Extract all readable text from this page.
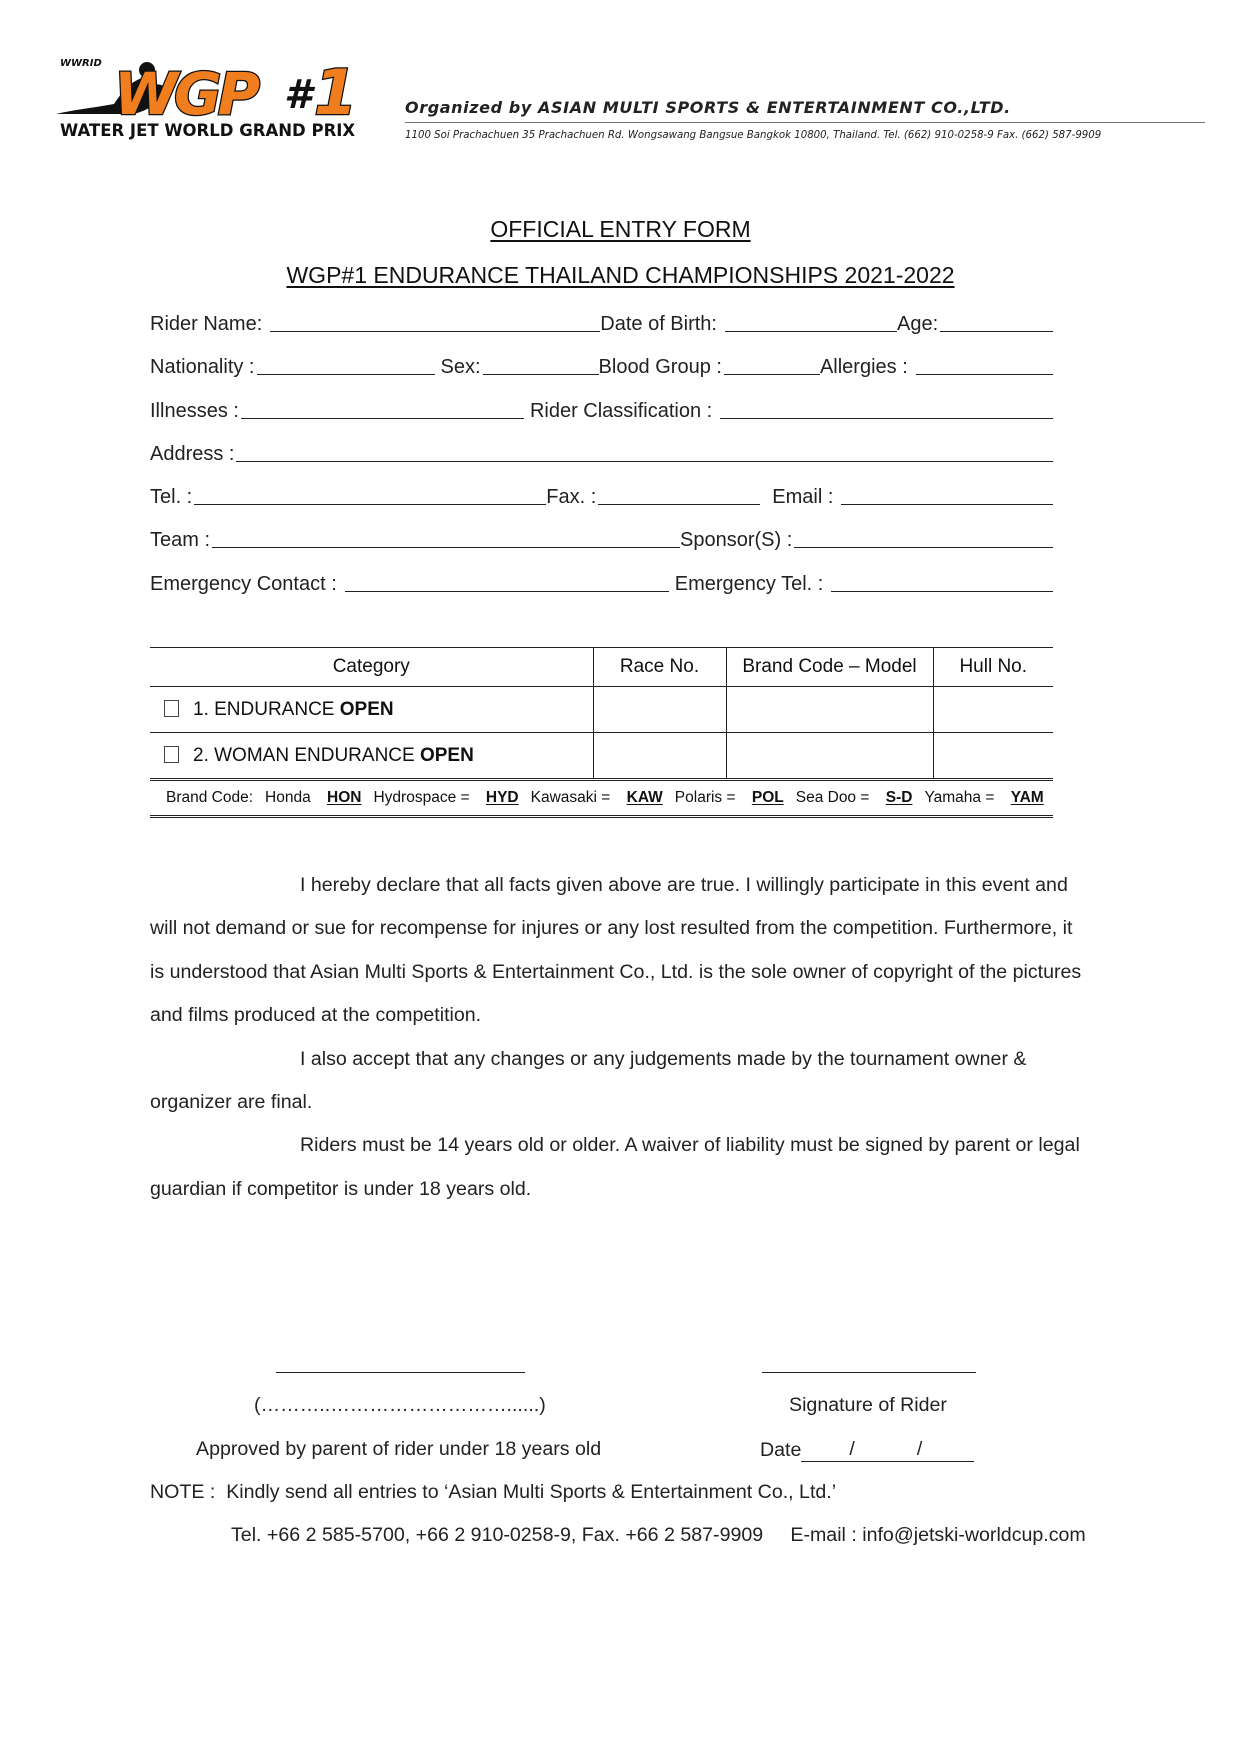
WWRID WGP # 1
WATER JET WORLD GRAND PRIX
Organized by ASIAN MULTI SPORTS & ENTERTAINMENT CO.,LTD.
1100 Soi Prachachuen 35 Prachachuen Rd. Wongsawang Bangsue Bangkok 10800, Thailand. Tel. (662) 910-0258-9 Fax. (662) 587-9909
OFFICIAL ENTRY FORM
WGP#1 ENDURANCE THAILAND CHAMPIONSHIPS 2021-2022
Rider Name:	Date of Birth:	Age:
Nationality :	Sex:	Blood Group :	Allergies :
Illnesses :	Rider Classification :
Address :
Tel. :	Fax. :	Email :
Team :	Sponsor(S) :
Emergency Contact :	Emergency Tel. :
Category	Race No.	Brand Code – Model	Hull No.
1. ENDURANCE OPEN			
2. WOMAN ENDURANCE OPEN			
Brand Code: Honda HON Hydrospace = HYD Kawasaki = KAW Polaris = POL Sea Doo = S-D Yamaha = YAM

I hereby declare that all facts given above are true. I willingly participate in this event and will not demand or sue for recompense for injures or any lost resulted from the competition. Furthermore, it is understood that Asian Multi Sports & Entertainment Co., Ltd. is the sole owner of copyright of the pictures and films produced at the competition.

I also accept that any changes or any judgements made by the tournament owner & organizer are final.

Riders must be 14 years old or older. A waiver of liability must be signed by parent or legal guardian if competitor is under 18 years old.

(………..………………………......)	Signature of Rider
Approved by parent of rider under 18 years old	Date /	/
NOTE :  Kindly send all entries to ‘Asian Multi Sports & Entertainment Co., Ltd.’
Tel. +66 2 585-5700, +66 2 910-0258-9, Fax. +66 2 587-9909     E-mail : info@jetski-worldcup.com
